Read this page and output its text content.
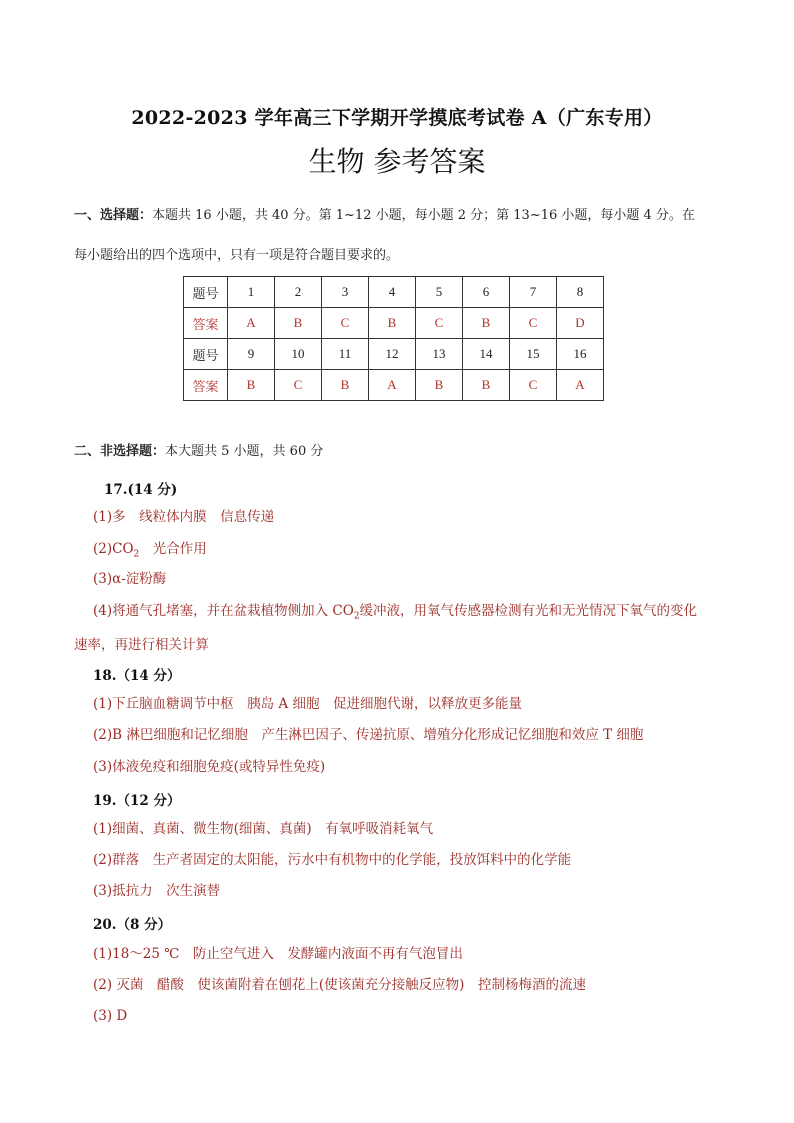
2022-2023 学年高三下学期开学摸底考试卷 A（广东专用）
生物 参考答案
一、选择题：本题共 16 小题，共 40 分。第 1~12 小题，每小题 2 分；第 13~16 小题，每小题 4 分。在
每小题给出的四个选项中，只有一项是符合题目要求的。
题号	1	2	3	4	5	6	7	8
答案	A	B	C	B	C	B	C	D
题号	9	10	11	12	13	14	15	16
答案	B	C	B	A	B	B	C	A
二、非选择题：本大题共 5 小题，共 60 分
17.(14 分)
(1)多　线粒体内膜　信息传递
$(2)CO_2$　光合作用
(3)α-淀粉酶
(4)将通气孔堵塞，并在盆栽植物侧加入 $CO_2$缓冲液，用氧气传感器检测有光和无光情况下氧气的变化
速率，再进行相关计算
18.（14 分）
(1)下丘脑血糖调节中枢　胰岛 A 细胞　促进细胞代谢，以释放更多能量
(2)B 淋巴细胞和记忆细胞　产生淋巴因子、传递抗原、增殖分化形成记忆细胞和效应 T 细胞
(3)体液免疫和细胞免疫(或特异性免疫)
19.（12 分）
(1)细菌、真菌、微生物(细菌、真菌)　有氧呼吸消耗氧气
(2)群落　生产者固定的太阳能，污水中有机物中的化学能，投放饵料中的化学能
(3)抵抗力　次生演替
20.（8 分）
(1)18～25 ℃　防止空气进入　发酵罐内液面不再有气泡冒出
(2) 灭菌　醋酸　使该菌附着在刨花上(使该菌充分接触反应物)　控制杨梅酒的流速
(3) D
